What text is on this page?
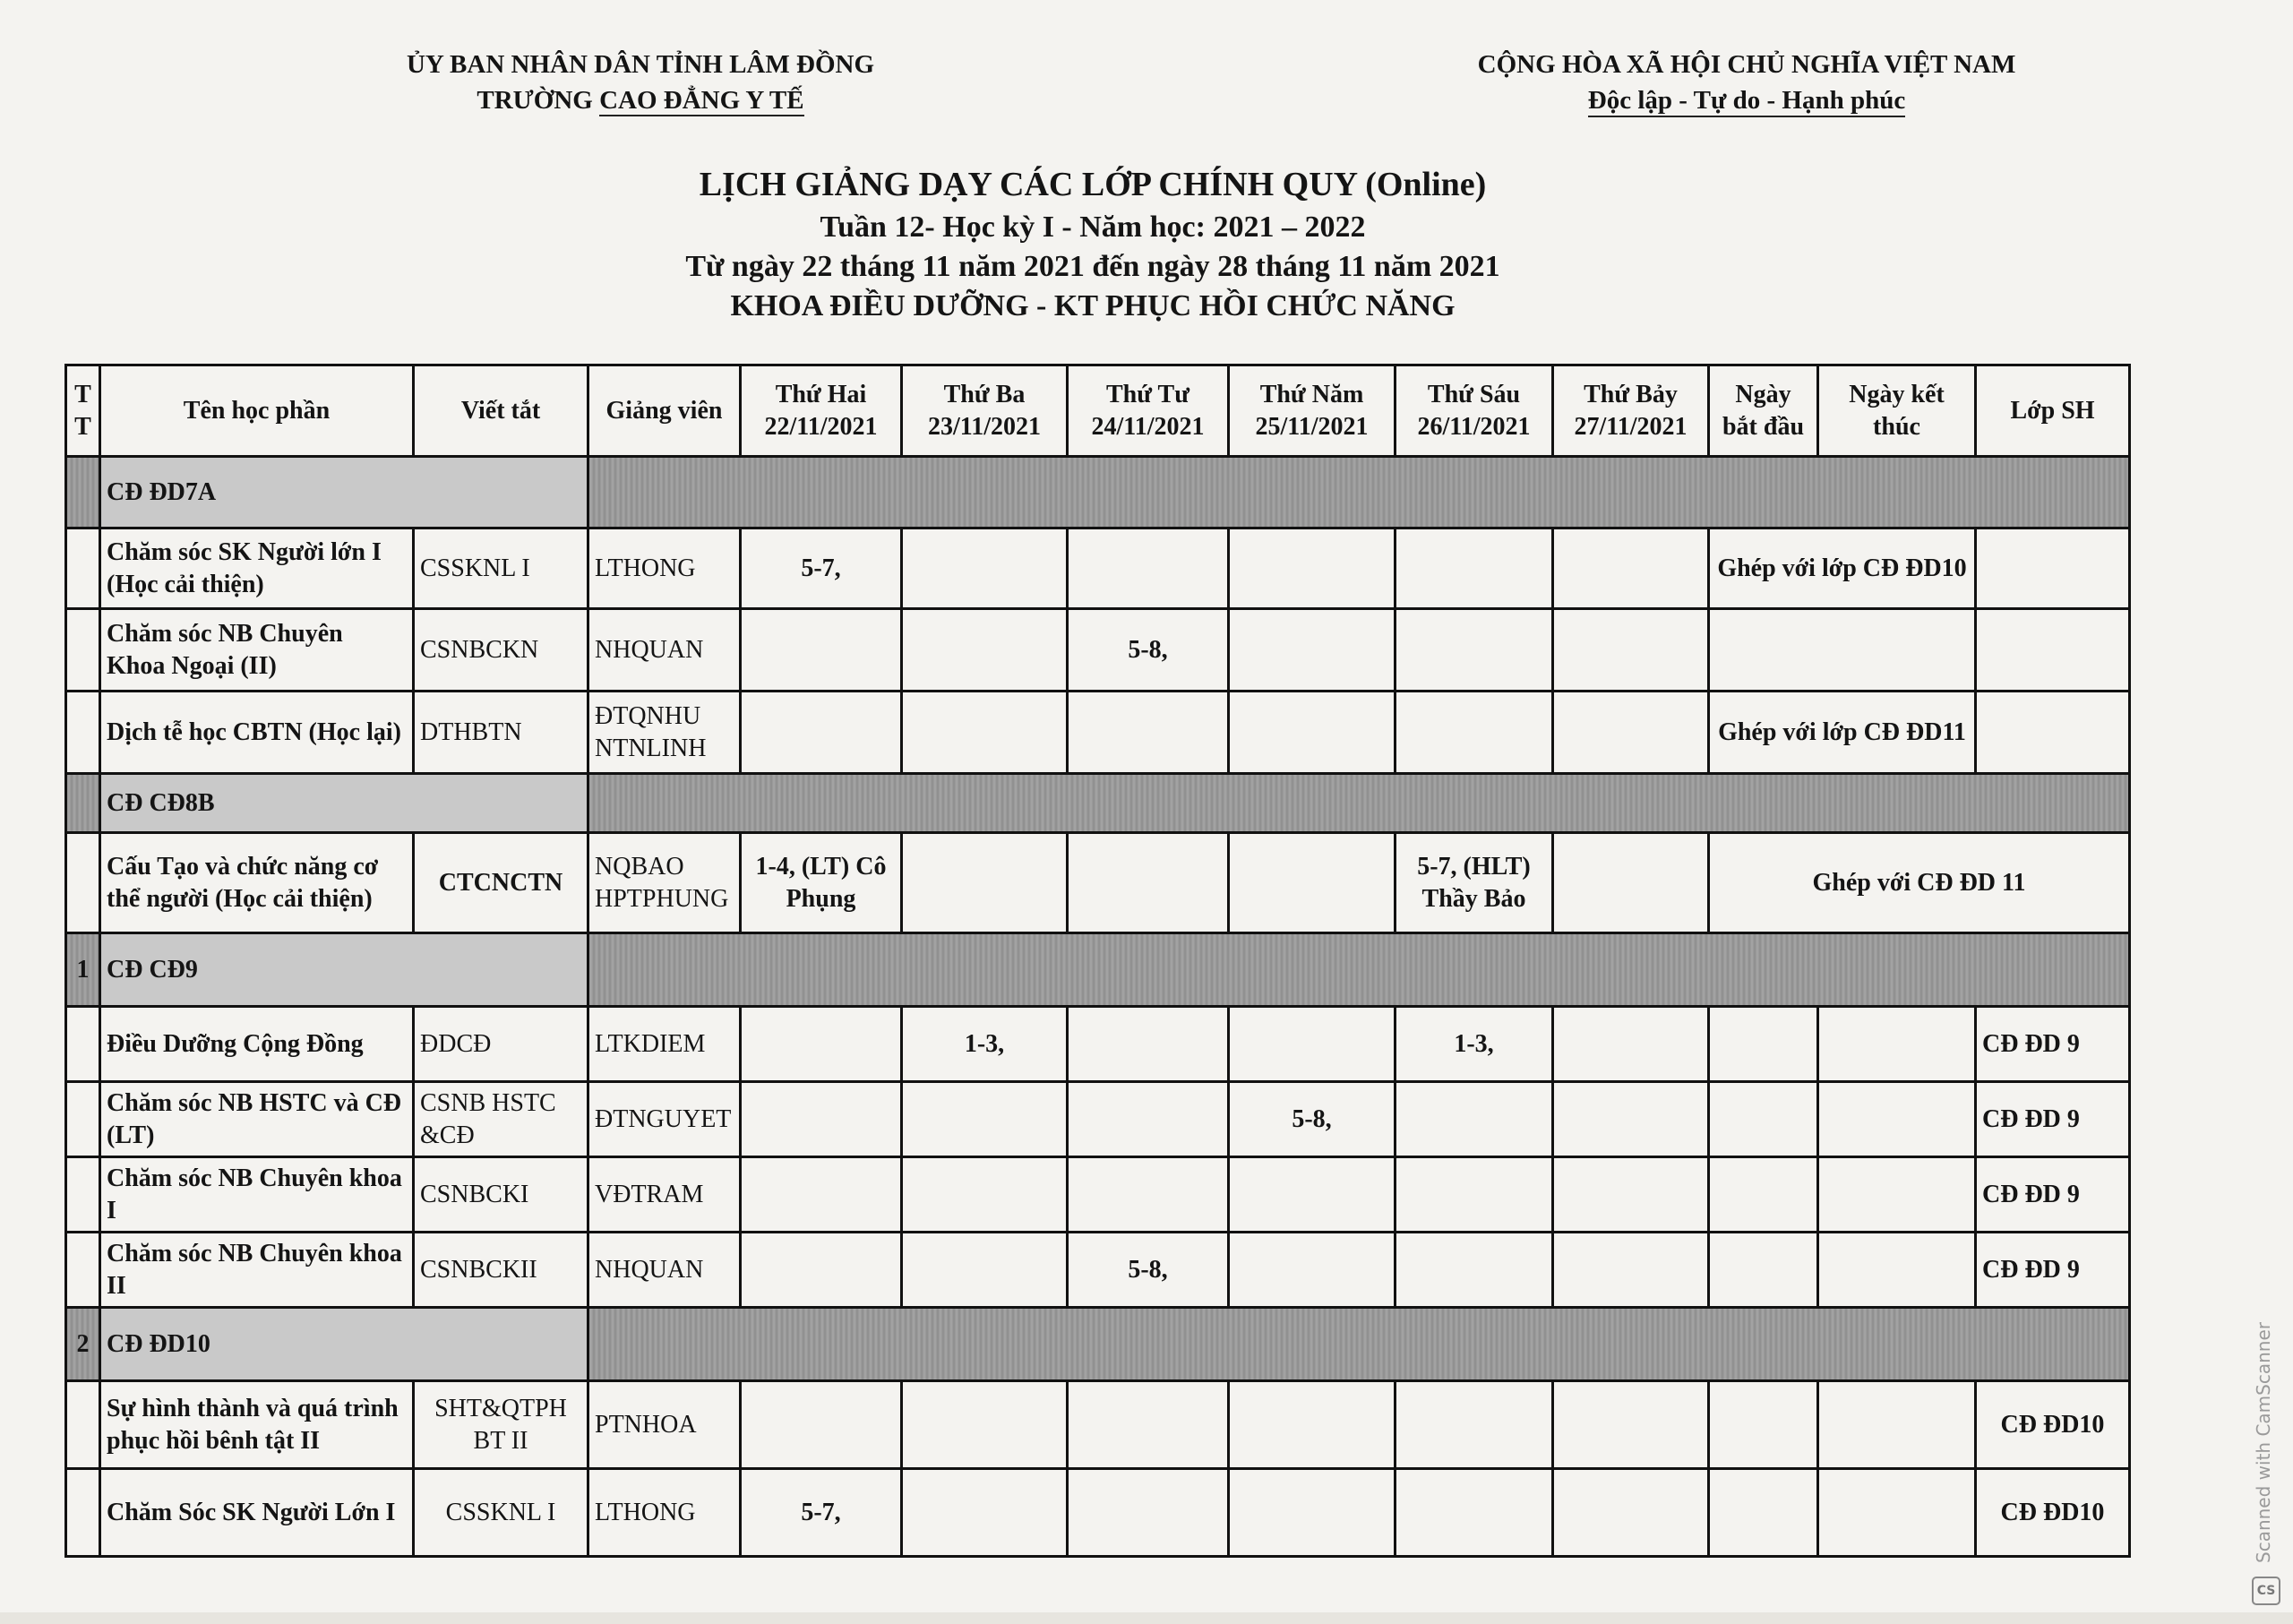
ỦY BAN NHÂN DÂN TỈNH LÂM ĐỒNG
TRƯỜNG CAO ĐẲNG Y TẾ
CỘNG HÒA XÃ HỘI CHỦ NGHĨA VIỆT NAM
Độc lập - Tự do - Hạnh phúc
LỊCH GIẢNG DẠY CÁC LỚP CHÍNH QUY (Online)
Tuần 12- Học kỳ I - Năm học: 2021 – 2022
Từ ngày 22 tháng 11 năm 2021 đến ngày 28 tháng 11 năm 2021
KHOA ĐIỀU DƯỠNG - KT PHỤC HỒI CHỨC NĂNG
T T	Tên học phần	Viết tắt	Giảng viên	Thứ Hai 22/11/2021	Thứ Ba 23/11/2021	Thứ Tư 24/11/2021	Thứ Năm 25/11/2021	Thứ Sáu 26/11/2021	Thứ Bảy 27/11/2021	Ngày bắt đầu	Ngày kết thúc	Lớp SH
	CĐ ĐD7A											
	Chăm sóc SK Người lớn I (Học cải thiện)	CSSKNL I	LTHONG	5-7,						Ghép với lớp CĐ ĐD10		
	Chăm sóc NB Chuyên Khoa Ngoại (II)	CSNBCKN	NHQUAN			5-8,						
	Dịch tễ học CBTN (Học lại)	DTHBTN	ĐTQNHU NTNLINH							Ghép với lớp CĐ ĐD11		
	CĐ CĐ8B											
	Cấu Tạo và chức năng cơ thể người (Học cải thiện)	CTCNCTN	NQBAO HPTPHUNG	1-4, (LT) Cô Phụng				5-7, (HLT) Thầy Bảo		Ghép với CĐ ĐD 11		
1	CĐ CĐ9											
	Điều Dưỡng Cộng Đồng	ĐDCĐ	LTKDIEM		1-3,			1-3,				CĐ ĐD 9
	Chăm sóc NB HSTC và CĐ (LT)	CSNB HSTC &CĐ	ĐTNGUYET				5-8,					CĐ ĐD 9
	Chăm sóc NB Chuyên khoa I	CSNBCKI	VĐTRAM									CĐ ĐD 9
	Chăm sóc NB Chuyên khoa II	CSNBCKII	NHQUAN			5-8,						CĐ ĐD 9
2	CĐ ĐD10											
	Sự hình thành và quá trình phục hồi bênh tật II	SHT&QTPH BT II	PTNHOA									CĐ ĐD10
	Chăm Sóc SK Người Lớn I	CSSKNL I	LTHONG	5-7,								CĐ ĐD10	Scanned with CamScanner
CS
